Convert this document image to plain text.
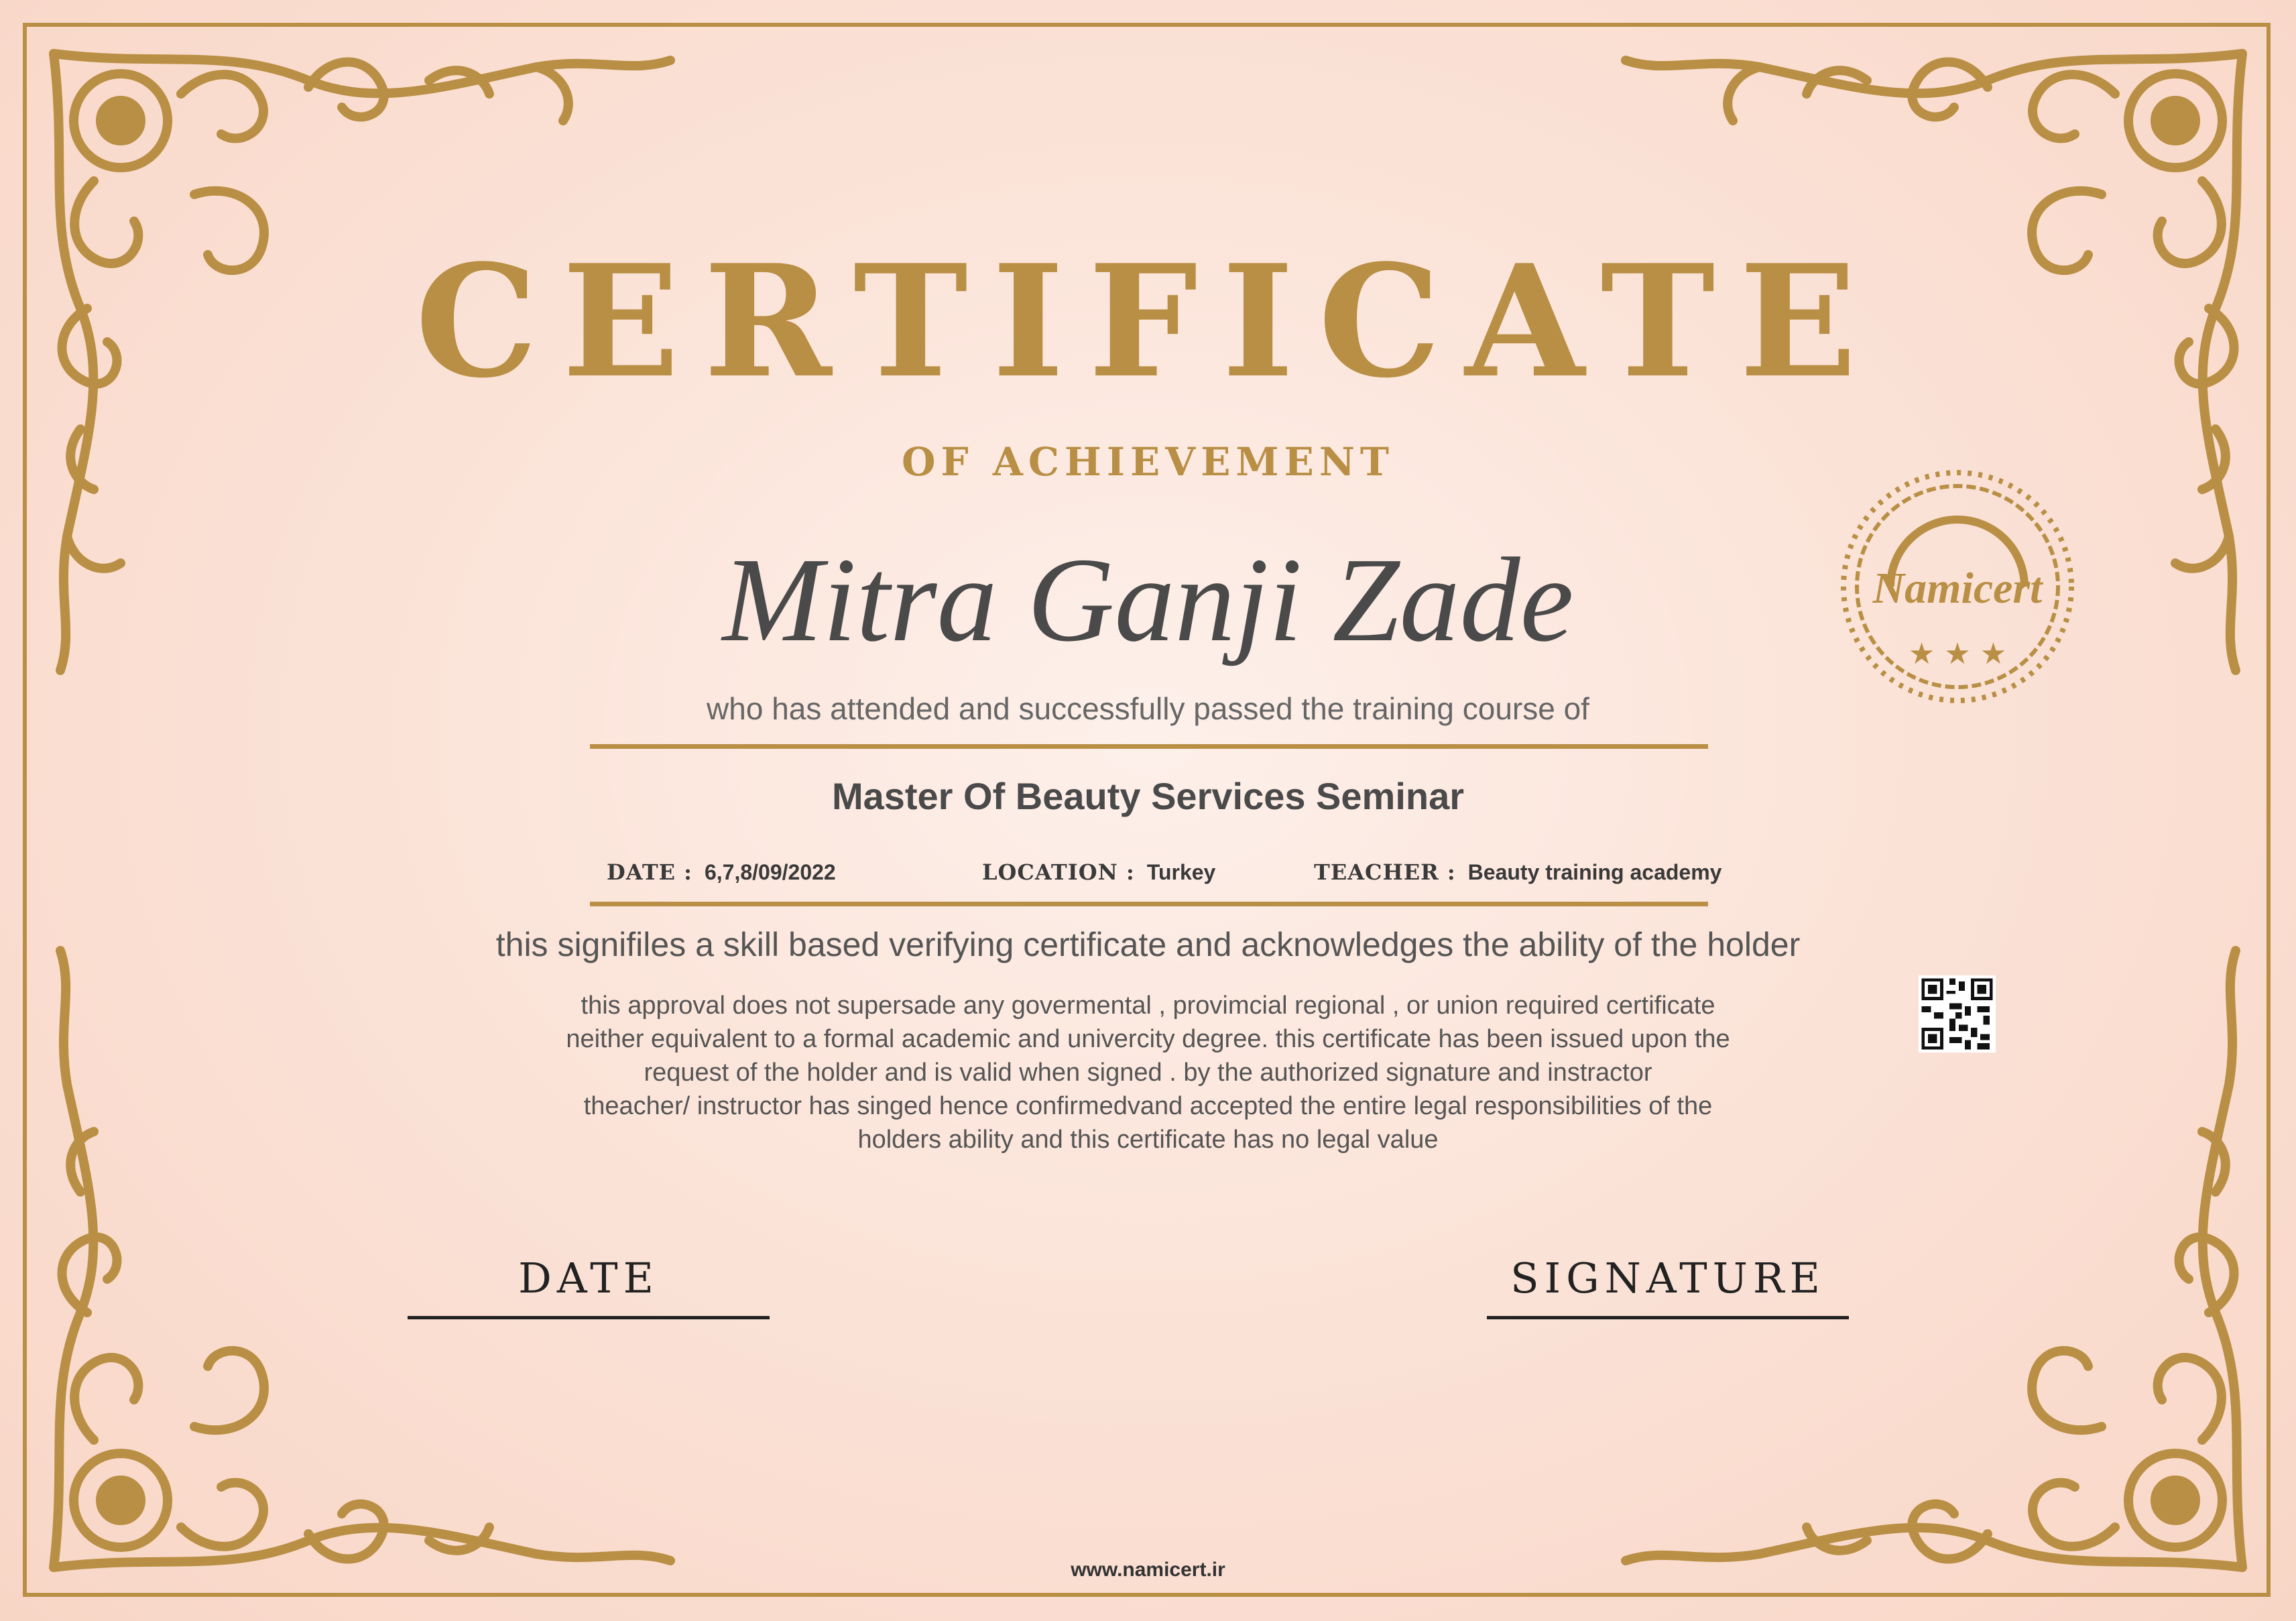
CERTIFICATE
OF ACHIEVEMENT
Mitra Ganji Zade
who has attended and successfully passed the training course of
Master Of Beauty Services Seminar
DATE : 6,7,8/09/2022	LOCATION : Turkey	TEACHER : Beauty training academy
this signifiles a skill based verifying certificate and acknowledges the ability of the holder
this approval does not supersade any govermental , provimcial regional , or union required certificate
neither equivalent to a formal academic and univercity degree. this certificate has been issued upon the
request of the holder and is valid when signed . by the authorized signature and instractor
theacher/ instructor has singed hence confirmedvand accepted the entire legal responsibilities of the
holders ability and this certificate has no legal value
DATE	SIGNATURE
★ ★ ★
Namicert
www.namicert.ir
